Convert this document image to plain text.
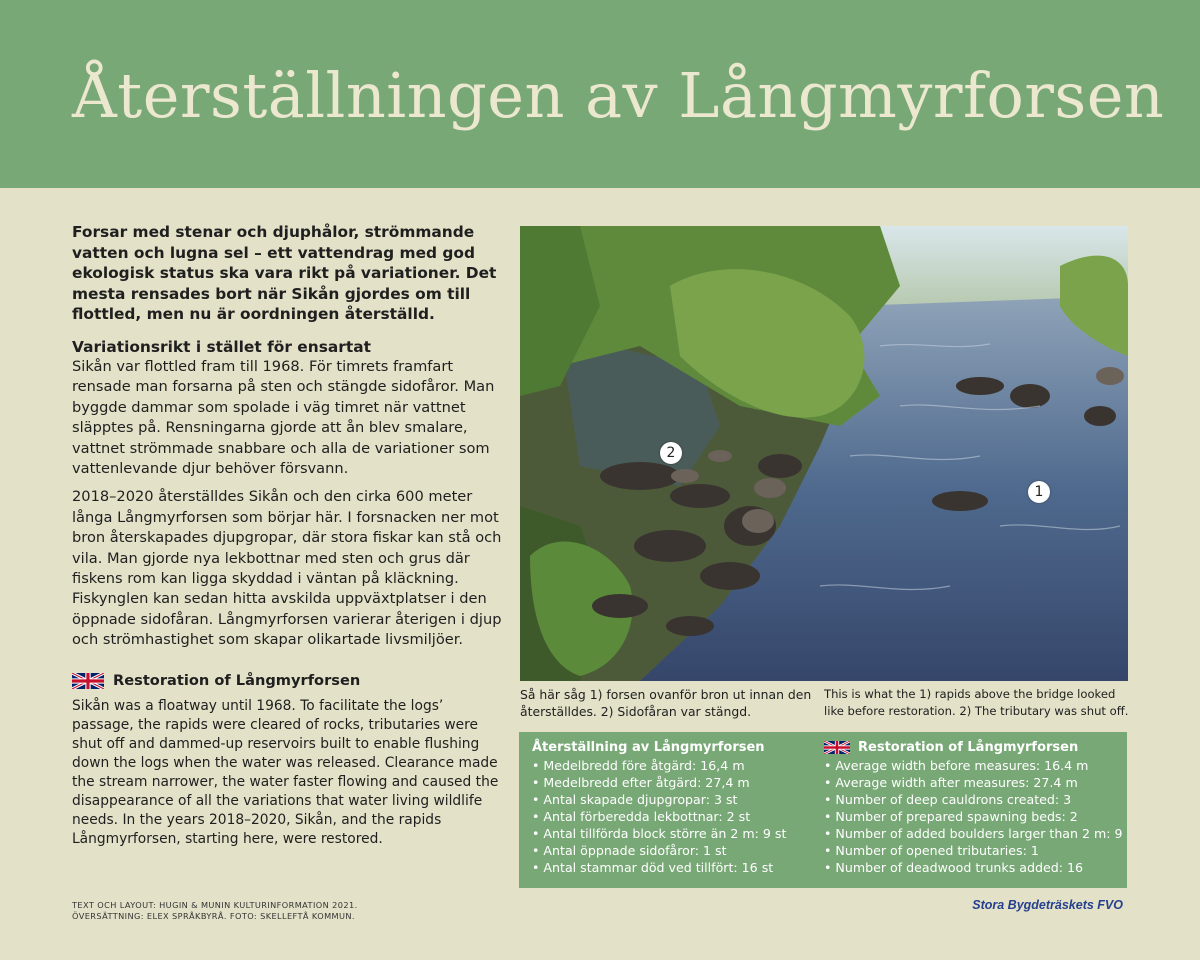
Återställningen av Långmyrforsen

Forsar med stenar och djuphålor, strömmande vatten och lugna sel – ett vattendrag med god ekologisk status ska vara rikt på variationer. Det mesta rensades bort när Sikån gjordes om till flottled, men nu är oordningen återställd.

Variationsrikt i stället för ensartat

Sikån var flottled fram till 1968. För timrets framfart rensade man forsarna på sten och stängde sidofåror. Man byggde dammar som spolade i väg timret när vattnet släpptes på. Rensningarna gjorde att ån blev smalare, vattnet strömmade snabbare och alla de variationer som vattenlevande djur behöver försvann.

2018–2020 återställdes Sikån och den cirka 600 meter långa Långmyrforsen som börjar här. I forsnacken ner mot bron återskapades djupgropar, där stora fiskar kan stå och vila. Man gjorde nya lekbottnar med sten och grus där fiskens rom kan ligga skyddad i väntan på kläckning. Fiskynglen kan sedan hitta avskilda uppväxtplatser i den öppnade sidofåran. Långmyrforsen varierar återigen i djup och strömhastighet som skapar olikartade livsmiljöer.

Restoration of Långmyrforsen

Sikån was a floatway until 1968. To facilitate the logs’ passage, the rapids were cleared of rocks, tributaries were shut off and dammed-up reservoirs built to enable flushing down the logs when the water was released. Clearance made the stream narrower, the water faster flowing and caused the disappearance of all the variations that water living wildlife needs. In the years 2018–2020, Sikån, and the rapids Långmyrforsen, starting here, were restored.

2
1

Så här såg 1) forsen ovanför bron ut innan den återställdes. 2) Sidofåran var stängd.

This is what the 1) rapids above the bridge looked like before restoration. 2) The tributary was shut off.

Återställning av Långmyrforsen
• Medelbredd före åtgärd: 16,4 m
• Medelbredd efter åtgärd: 27,4 m
• Antal skapade djupgropar: 3 st
• Antal förberedda lekbottnar: 2 st
• Antal tillförda block större än 2 m: 9 st
• Antal öppnade sidofåror: 1 st
• Antal stammar död ved tillfört: 16 st
Restoration of Långmyrforsen
• Average width before measures: 16.4 m
• Average width after measures: 27.4 m
• Number of deep cauldrons created: 3
• Number of prepared spawning beds: 2
• Number of added boulders larger than 2 m: 9
• Number of opened tributaries: 1
• Number of deadwood trunks added: 16
TEXT OCH LAYOUT: HUGIN & MUNIN KULTURINFORMATION 2021.
ÖVERSÄTTNING: ELEX SPRÅKBYRÅ. FOTO: SKELLEFTÅ KOMMUN.
Stora Bygdeträskets FVO
